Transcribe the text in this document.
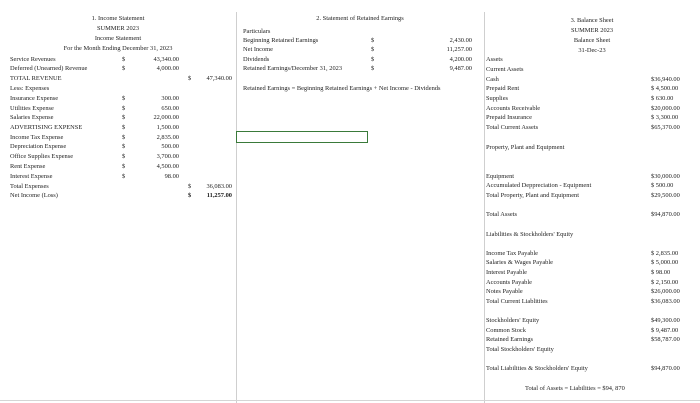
1. Income Statement
SUMMER 2023
Income Statement
For the Month Ending December 31, 2023
Service Revenues	$	43,340.00
Deferred (Unearned) Revenue	$	4,000.00
TOTAL REVENUE	$	47,340.00
Less: Expenses
Insurance Expense	$	300.00
Utilities Expense	$	650.00
Salaries Expense	$	22,000.00
ADVERTISING EXPENSE	$	1,500.00
Income Tax Expense	$	2,835.00
Depreciation Expense	$	500.00
Office Supplies Expense	$	3,700.00
Rent Expense	$	4,500.00
Interest Expense	$	98.00
Total Expenses	$	36,083.00
Net Income (Loss)	$	11,257.00
2. Statement of Retained Earnings
Particulars
Beginning Retained Earnings	$	2,430.00
Net Income	$	11,257.00
Dividends	$	4,200.00
Retained Earnings/December 31, 2023	$	9,487.00
Retained Earnings = Beginning Retained Earnings + Net Income - Dividends
3. Balance Sheet
SUMMER 2023
Balance Sheet
31-Dec-23
Assets
Current Assets
Cash	$36,940.00
Prepaid Rent	$ 4,500.00
Supplies	$ 630.00
Accounts Receivable	$20,000.00
Prepaid Insurance	$ 3,300.00
Total Current Assets	$65,370.00
Property, Plant and Equipment
Equipment	$30,000.00
Accumulated Deppreciation - Equipment	$ 500.00
Total Property, Plant and Equipment	$29,500.00
Total Assets	$94,870.00
Liabilities & Stockholders' Equity
Income Tax Payable	$ 2,835.00
Salaries & Wages Payable	$ 5,000.00
Interest Payable	$ 98.00
Accounts Payable	$ 2,150.00
Notes Payable	$26,000.00
Total Current Liablitites	$36,083.00
Stockholders' Equity	$49,300.00
Common Stock	$ 9,487.00
Retained Earnings	$58,787.00
Total Stockholders' Equity
Total Liabilities & Stockholders' Equity	$94,870.00
Total of Assets = Liabilities = $94, 870
